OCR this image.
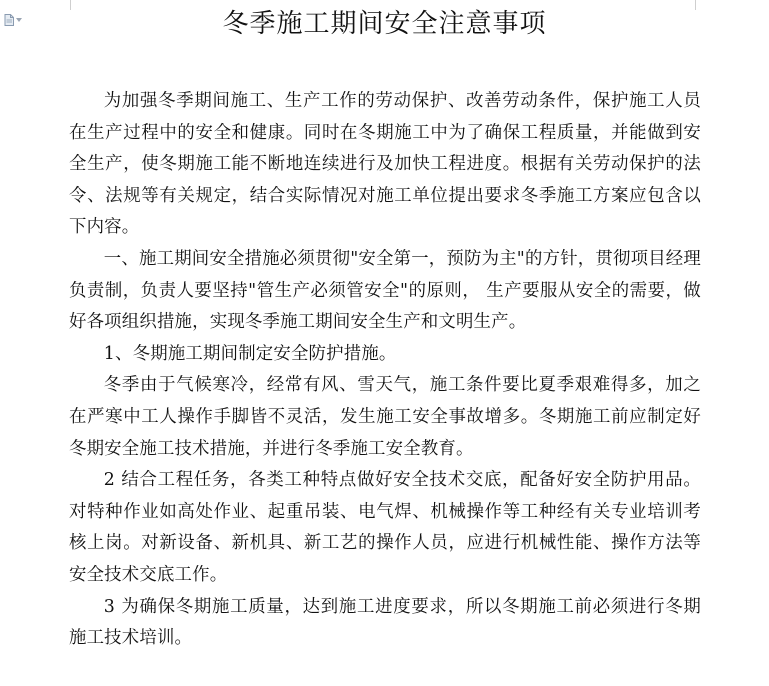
冬季施工期间安全注意事项

为加强冬季期间施工、生产工作的劳动保护、改善劳动条件，保护施工人员在生产过程中的安全和健康。同时在冬期施工中为了确保工程质量，并能做到安全生产，使冬期施工能不断地连续进行及加快工程进度。根据有关劳动保护的法令、法规等有关规定，结合实际情况对施工单位提出要求冬季施工方案应包含以下内容。

一、施工期间安全措施必须贯彻"安全第一，预防为主"的方针，贯彻项目经理负责制，负责人要坚持"管生产必须管安全"的原则， 生产要服从安全的需要，做好各项组织措施，实现冬季施工期间安全生产和文明生产。

1、冬期施工期间制定安全防护措施。

冬季由于气候寒冷，经常有风、雪天气，施工条件要比夏季艰难得多，加之在严寒中工人操作手脚皆不灵活，发生施工安全事故增多。冬期施工前应制定好冬期安全施工技术措施，并进行冬季施工安全教育。

2 结合工程任务，各类工种特点做好安全技术交底，配备好安全防护用品。对特种作业如高处作业、起重吊装、电气焊、机械操作等工种经有关专业培训考核上岗。对新设备、新机具、新工艺的操作人员，应进行机械性能、操作方法等安全技术交底工作。

3 为确保冬期施工质量，达到施工进度要求，所以冬期施工前必须进行冬期施工技术培训。
